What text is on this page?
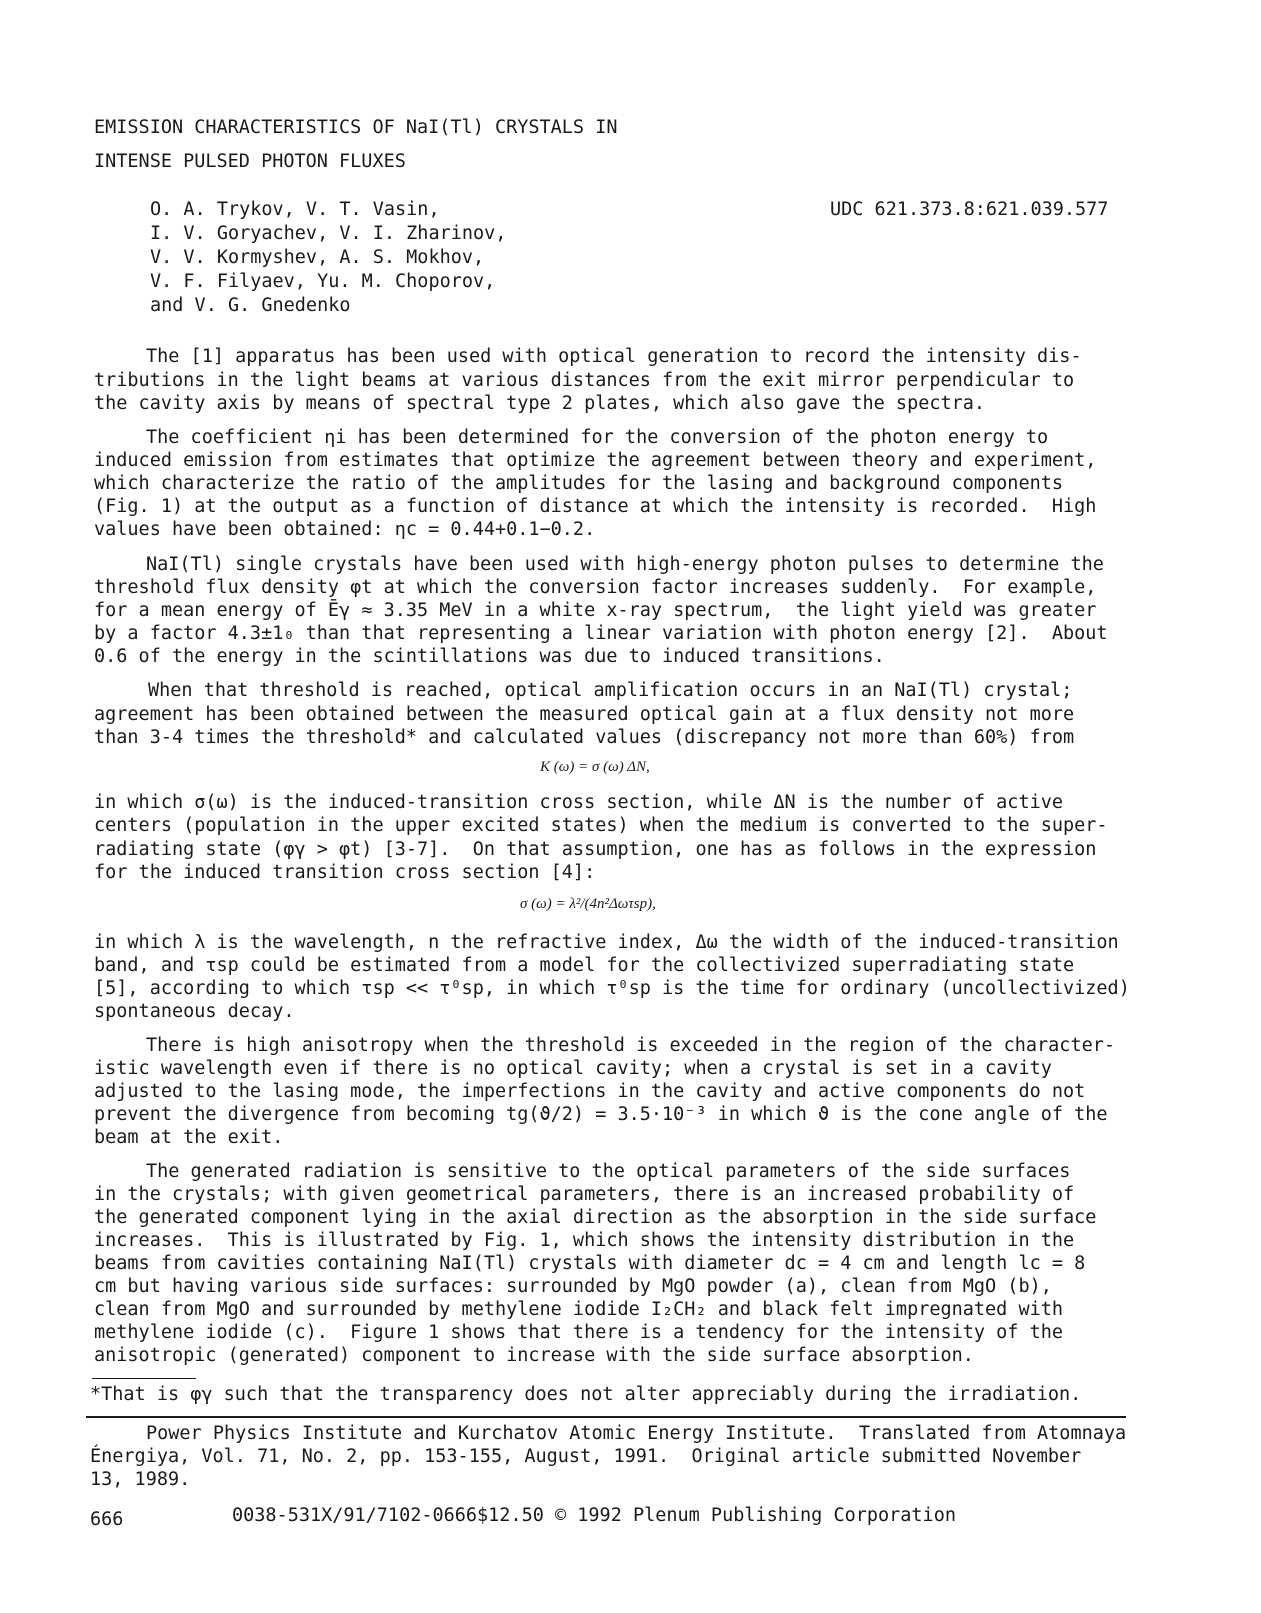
EMISSION CHARACTERISTICS OF NaI(Tl) CRYSTALS IN
INTENSE PULSED PHOTON FLUXES
O. A. Trykov, V. T. Vasin,
I. V. Goryachev, V. I. Zharinov,
V. V. Kormyshev, A. S. Mokhov,
V. F. Filyaev, Yu. M. Choporov,
and V. G. Gnedenko
UDC 621.373.8:621.039.577
The [1] apparatus has been used with optical generation to record the intensity dis-
tributions in the light beams at various distances from the exit mirror perpendicular to
the cavity axis by means of spectral type 2 plates, which also gave the spectra.
The coefficient ηi has been determined for the conversion of the photon energy to
induced emission from estimates that optimize the agreement between theory and experiment,
which characterize the ratio of the amplitudes for the lasing and background components
(Fig. 1) at the output as a function of distance at which the intensity is recorded.  High
values have been obtained: ηc = 0.44+0.1−0.2.
NaI(Tl) single crystals have been used with high-energy photon pulses to determine the
threshold flux density φt at which the conversion factor increases suddenly.  For example,
for a mean energy of Ēγ ≈ 3.35 MeV in a white x-ray spectrum,  the light yield was greater
by a factor 4.3±1₀ than that representing a linear variation with photon energy [2].  About
0.6 of the energy in the scintillations was due to induced transitions.
When that threshold is reached, optical amplification occurs in an NaI(Tl) crystal;
agreement has been obtained between the measured optical gain at a flux density not more
than 3-4 times the threshold* and calculated values (discrepancy not more than 60%) from
K (ω) = σ (ω) ΔN,
in which σ(ω) is the induced-transition cross section, while ΔN is the number of active
centers (population in the upper excited states) when the medium is converted to the super-
radiating state (φγ > φt) [3-7].  On that assumption, one has as follows in the expression
for the induced transition cross section [4]:
σ (ω) = λ²/(4n²Δωτsp),
in which λ is the wavelength, n the refractive index, Δω the width of the induced-transition
band, and τsp could be estimated from a model for the collectivized superradiating state
[5], according to which τsp << τ⁰sp, in which τ⁰sp is the time for ordinary (uncollectivized)
spontaneous decay.
There is high anisotropy when the threshold is exceeded in the region of the character-
istic wavelength even if there is no optical cavity; when a crystal is set in a cavity
adjusted to the lasing mode, the imperfections in the cavity and active components do not
prevent the divergence from becoming tg(ϑ/2) = 3.5·10⁻³ in which ϑ is the cone angle of the
beam at the exit.
The generated radiation is sensitive to the optical parameters of the side surfaces
in the crystals; with given geometrical parameters, there is an increased probability of
the generated component lying in the axial direction as the absorption in the side surface
increases.  This is illustrated by Fig. 1, which shows the intensity distribution in the
beams from cavities containing NaI(Tl) crystals with diameter dc = 4 cm and length lc = 8
cm but having various side surfaces: surrounded by MgO powder (a), clean from MgO (b),
clean from MgO and surrounded by methylene iodide I₂CH₂ and black felt impregnated with
methylene iodide (c).  Figure 1 shows that there is a tendency for the intensity of the
anisotropic (generated) component to increase with the side surface absorption.
*That is φγ such that the transparency does not alter appreciably during the irradiation.
Power Physics Institute and Kurchatov Atomic Energy Institute.  Translated from Atomnaya
Énergiya, Vol. 71, No. 2, pp. 153-155, August, 1991.  Original article submitted November
13, 1989.
666	0038-531X/91/7102-0666$12.50 © 1992 Plenum Publishing Corporation
